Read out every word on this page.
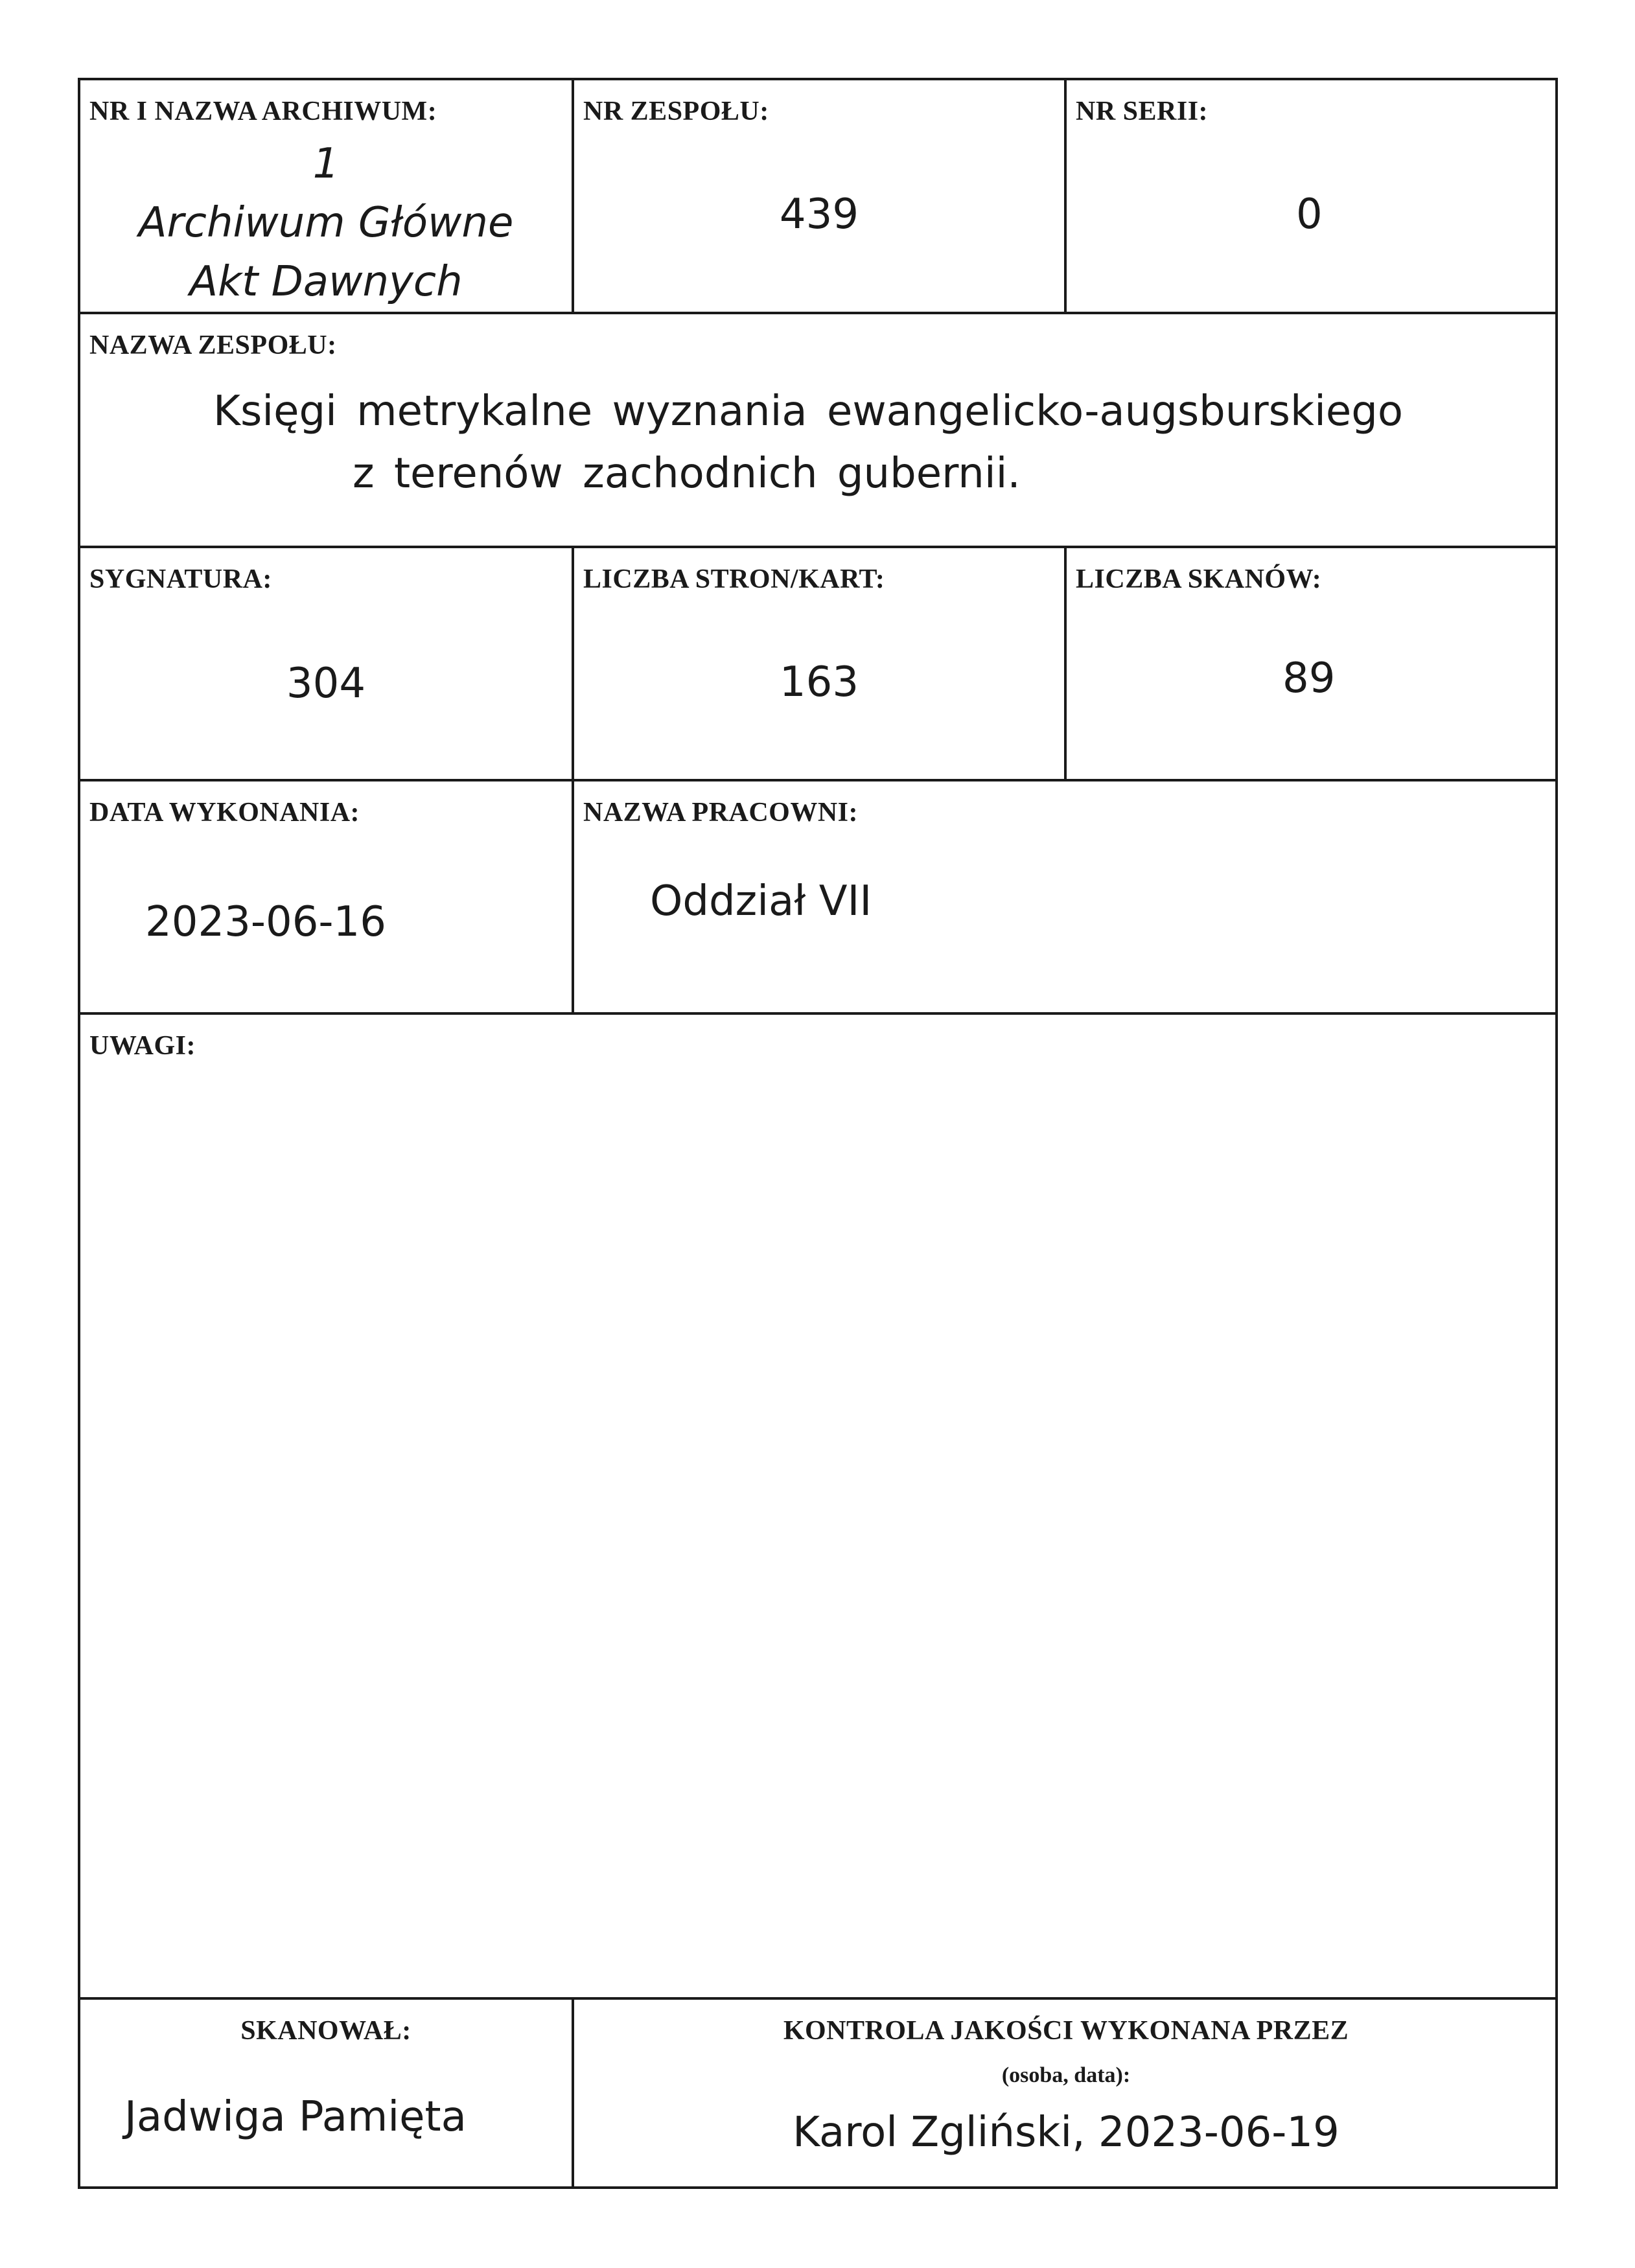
NR I NAZWA ARCHIWUM:
1
Archiwum Główne
Akt Dawnych
NR ZESPOŁU:
439
NR SERII:
0
NAZWA ZESPOŁU:
Księgi metrykalne wyznania ewangelicko-augsburskiego
z terenów zachodnich gubernii.
SYGNATURA:
304
LICZBA STRON/KART:
163
LICZBA SKANÓW:
89
DATA WYKONANIA:
2023-06-16
NAZWA PRACOWNI:
Oddział VII
UWAGI:
SKANOWAŁ:
Jadwiga Pamięta
KONTROLA JAKOŚCI WYKONANA PRZEZ
(osoba, data):
Karol Zgliński, 2023-06-19
